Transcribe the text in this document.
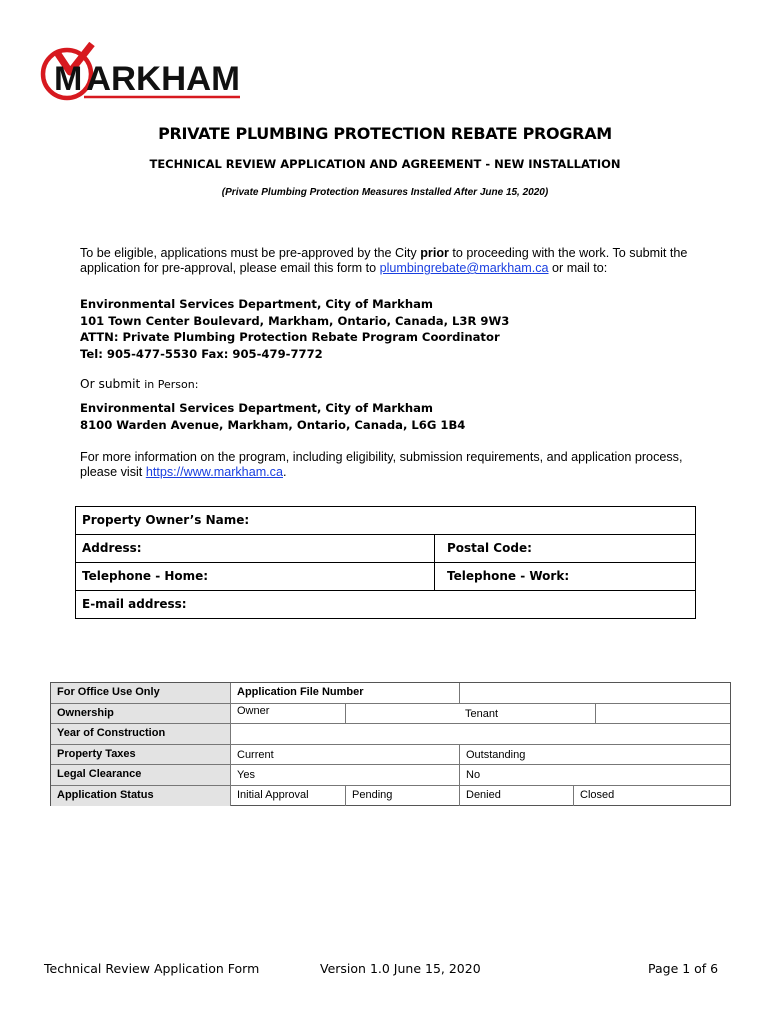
M ARKHAM
PRIVATE PLUMBING PROTECTION REBATE PROGRAM
TECHNICAL REVIEW APPLICATION AND AGREEMENT - NEW INSTALLATION
(Private Plumbing Protection Measures Installed After June 15, 2020)
To be eligible, applications must be pre-approved by the City prior to proceeding with the work. To submit the application for pre-approval, please email this form to plumbingrebate@markham.ca or mail to:
Environmental Services Department, City of Markham
101 Town Center Boulevard, Markham, Ontario, Canada, L3R 9W3
ATTN: Private Plumbing Protection Rebate Program Coordinator
Tel: 905-477-5530 Fax: 905-479-7772
Or submit in Person:
Environmental Services Department, City of Markham
8100 Warden Avenue, Markham, Ontario, Canada, L6G 1B4
For more information on the program, including eligibility, submission requirements, and application process, please visit https://www.markham.ca.
Property Owner’s Name:
Address:	Postal Code:
Telephone - Home:	Telephone - Work:
E-mail address:
For Office Use Only	Application File Number
Ownership	Owner	Tenant
Year of Construction
Property Taxes	Current	Outstanding
Legal Clearance	Yes	No
Application Status	Initial Approval	Pending	Denied	Closed
Technical Review Application Form	Version 1.0 June 15, 2020	Page 1 of 6
